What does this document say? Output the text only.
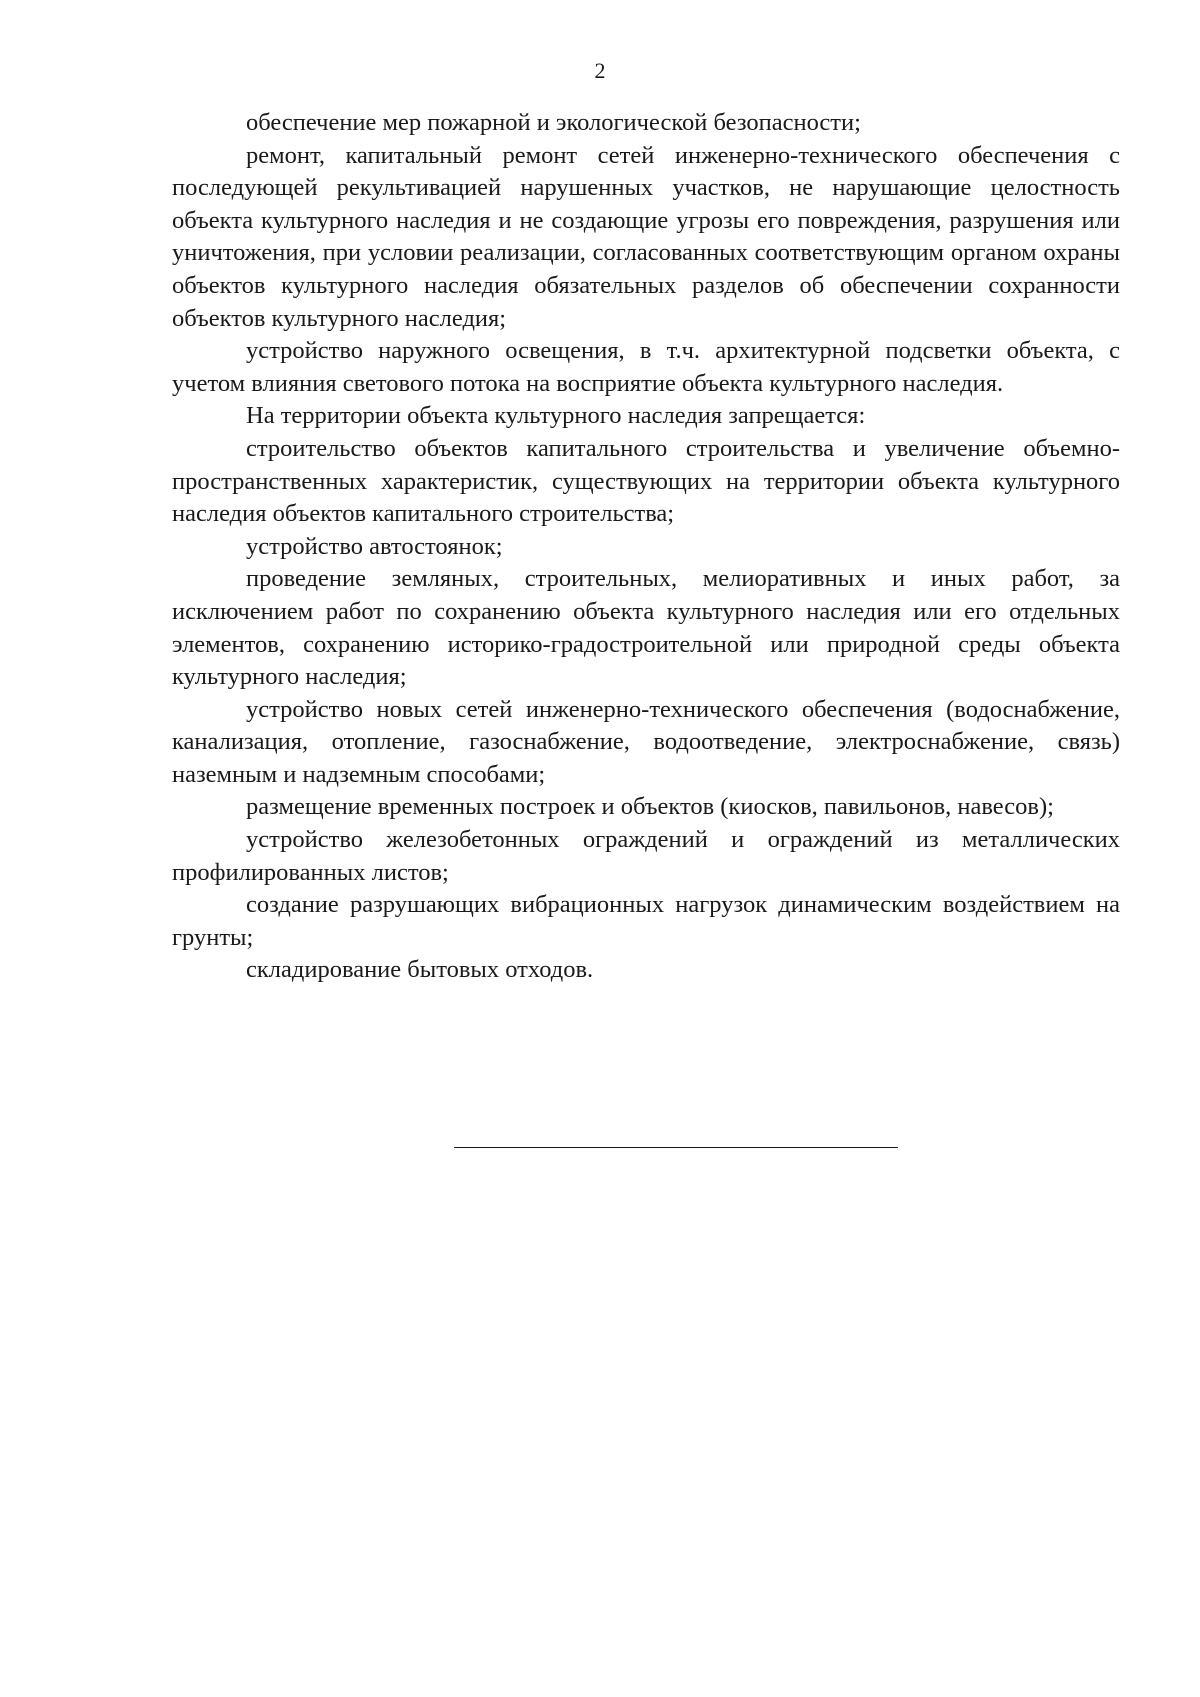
2

обеспечение мер пожарной и экологической безопасности;

ремонт, капитальный ремонт сетей инженерно-технического обеспечения с последующей рекультивацией нарушенных участков, не нарушающие целостность объекта культурного наследия и не создающие угрозы его повреждения, разрушения или уничтожения, при условии реализации, согласованных соответствующим органом охраны объектов культурного наследия обязательных разделов об обеспечении сохранности объектов культурного наследия;

устройство наружного освещения, в т.ч. архитектурной подсветки объекта, с учетом влияния светового потока на восприятие объекта культурного наследия.

На территории объекта культурного наследия запрещается:

строительство объектов капитального строительства и увеличение объемно-пространственных характеристик, существующих на территории объекта культурного наследия объектов капитального строительства;

устройство автостоянок;

проведение земляных, строительных, мелиоративных и иных работ, за исключением работ по сохранению объекта культурного наследия или его отдельных элементов, сохранению историко-градостроительной или природной среды объекта культурного наследия;

устройство новых сетей инженерно-технического обеспечения (водоснабжение, канализация, отопление, газоснабжение, водоотведение, электроснабжение, связь) наземным и надземным способами;

размещение временных построек и объектов (киосков, павильонов, навесов);

устройство железобетонных ограждений и ограждений из металлических профилированных листов;

создание разрушающих вибрационных нагрузок динамическим воздействием на грунты;

складирование бытовых отходов.
